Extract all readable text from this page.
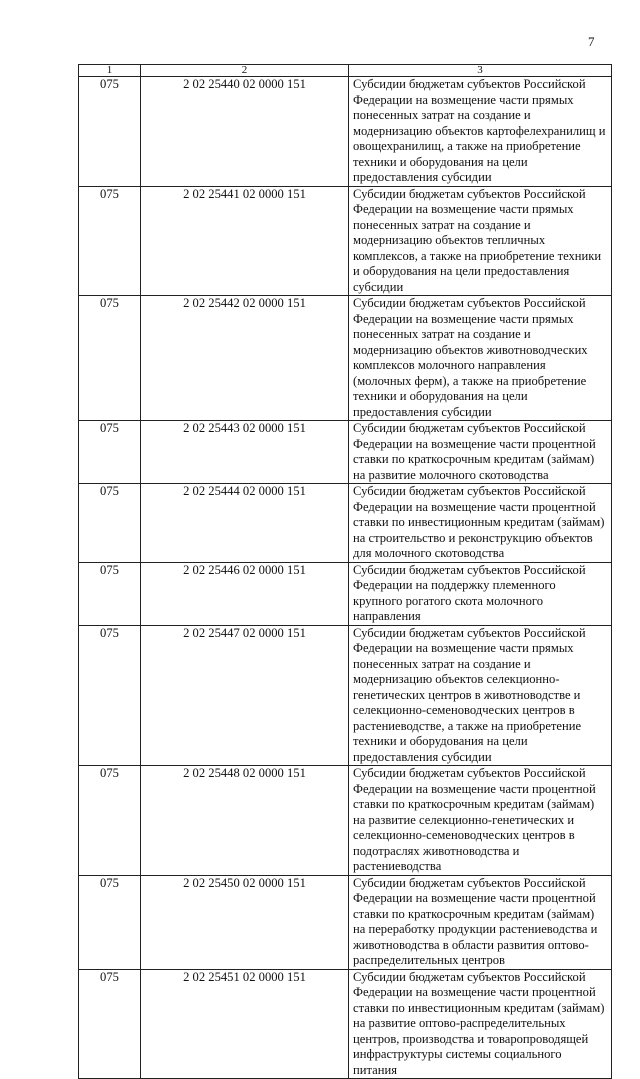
7
1	2	3
075	2 02 25440 02 0000 151	Субсидии бюджетам субъектов Российской Федерации на возмещение части прямых понесенных затрат на создание и модернизацию объектов картофелехранилищ и овощехранилищ, а также на приобретение техники и оборудования на цели предоставления субсидии
075	2 02 25441 02 0000 151	Субсидии бюджетам субъектов Российской Федерации на возмещение части прямых понесенных затрат на создание и модернизацию объектов тепличных комплексов, а также на приобретение техники и оборудования на цели предоставления субсидии
075	2 02 25442 02 0000 151	Субсидии бюджетам субъектов Российской Федерации на возмещение части прямых понесенных затрат на создание и модернизацию объектов животноводческих комплексов молочного направления (молочных ферм), а также на приобретение техники и оборудования на цели предоставления субсидии
075	2 02 25443 02 0000 151	Субсидии бюджетам субъектов Российской Федерации на возмещение части процентной ставки по краткосрочным кредитам (займам) на развитие молочного скотоводства
075	2 02 25444 02 0000 151	Субсидии бюджетам субъектов Российской Федерации на возмещение части процентной ставки по инвестиционным кредитам (займам) на строительство и реконструкцию объектов для молочного скотоводства
075	2 02 25446 02 0000 151	Субсидии бюджетам субъектов Российской Федерации на поддержку племенного крупного рогатого скота молочного направления
075	2 02 25447 02 0000 151	Субсидии бюджетам субъектов Российской Федерации на возмещение части прямых понесенных затрат на создание и модернизацию объектов селекционно-генетических центров в животноводстве и селекционно-семеноводческих центров в растениеводстве, а также на приобретение техники и оборудования на цели предоставления субсидии
075	2 02 25448 02 0000 151	Субсидии бюджетам субъектов Российской Федерации на возмещение части процентной ставки по краткосрочным кредитам (займам) на развитие селекционно-генетических и селекционно-семеноводческих центров в подотраслях животноводства и растениеводства
075	2 02 25450 02 0000 151	Субсидии бюджетам субъектов Российской Федерации на возмещение части процентной ставки по краткосрочным кредитам (займам) на переработку продукции растениеводства и животноводства в области развития оптово-распределительных центров
075	2 02 25451 02 0000 151	Субсидии бюджетам субъектов Российской Федерации на возмещение части процентной ставки по инвестиционным кредитам (займам) на развитие оптово-распределительных центров, производства и товаропроводящей инфраструктуры системы социального питания
